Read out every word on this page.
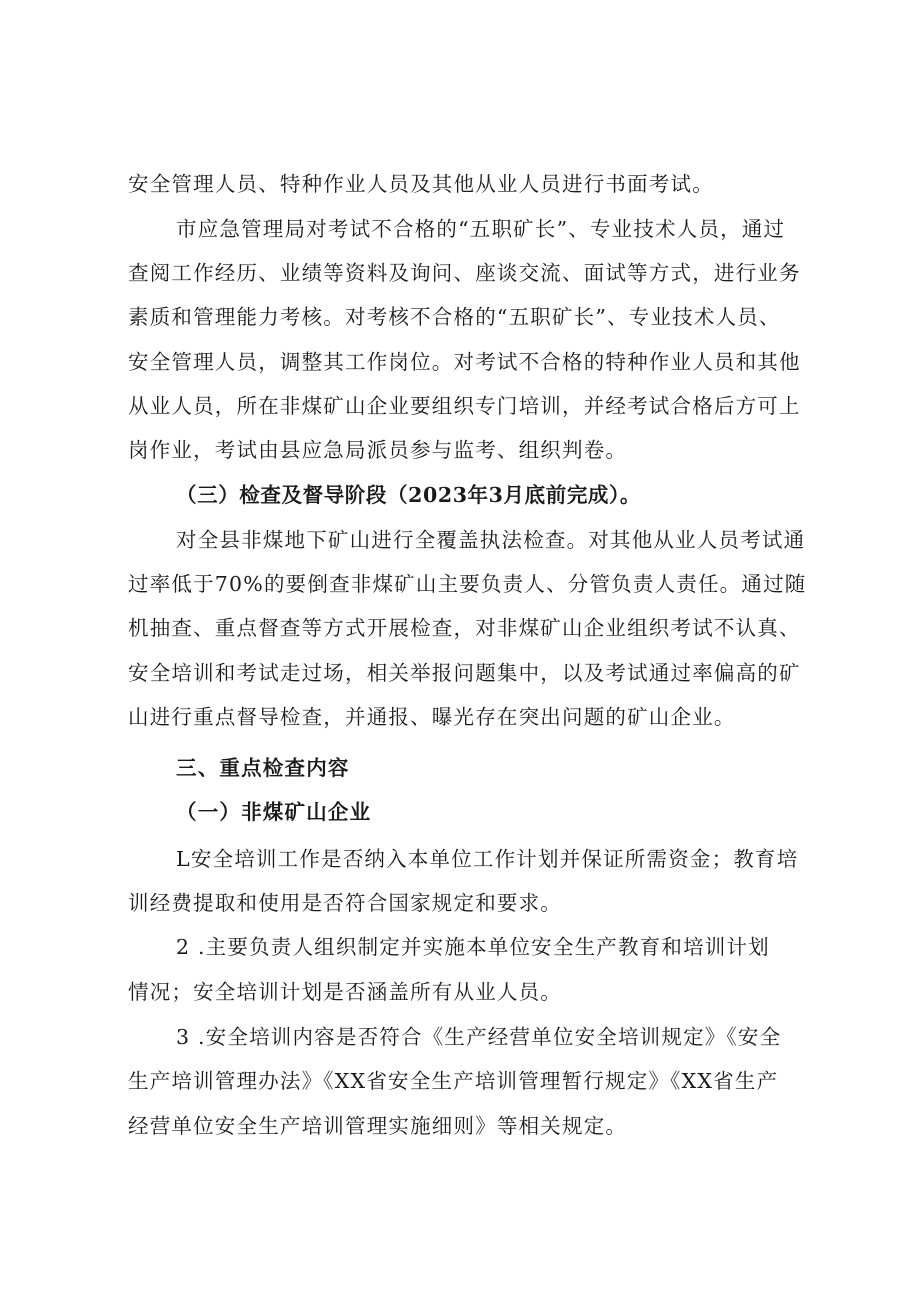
安全管理人员、特种作业人员及其他从业人员进行书面考试。
市应急管理局对考试不合格的“五职矿长”、专业技术人员，通过
查阅工作经历、业绩等资料及询问、座谈交流、面试等方式，进行业务
素质和管理能力考核。对考核不合格的“五职矿长”、专业技术人员、
安全管理人员，调整其工作岗位。对考试不合格的特种作业人员和其他
从业人员，所在非煤矿山企业要组织专门培训，并经考试合格后方可上
岗作业，考试由县应急局派员参与监考、组织判卷。
（三）检查及督导阶段（2023年3月底前完成）。
对全县非煤地下矿山进行全覆盖执法检查。对其他从业人员考试通
过率低于70%的要倒查非煤矿山主要负责人、分管负责人责任。通过随
机抽查、重点督查等方式开展检查，对非煤矿山企业组织考试不认真、
安全培训和考试走过场，相关举报问题集中，以及考试通过率偏高的矿
山进行重点督导检查，并通报、曝光存在突出问题的矿山企业。
三、重点检查内容
（一）非煤矿山企业
L安全培训工作是否纳入本单位工作计划并保证所需资金；教育培
训经费提取和使用是否符合国家规定和要求。
2 .主要负责人组织制定并实施本单位安全生产教育和培训计划
情况；安全培训计划是否涵盖所有从业人员。
3 .安全培训内容是否符合《生产经营单位安全培训规定》《安全
生产培训管理办法》《XX省安全生产培训管理暂行规定》《XX省生产
经营单位安全生产培训管理实施细则》等相关规定。
